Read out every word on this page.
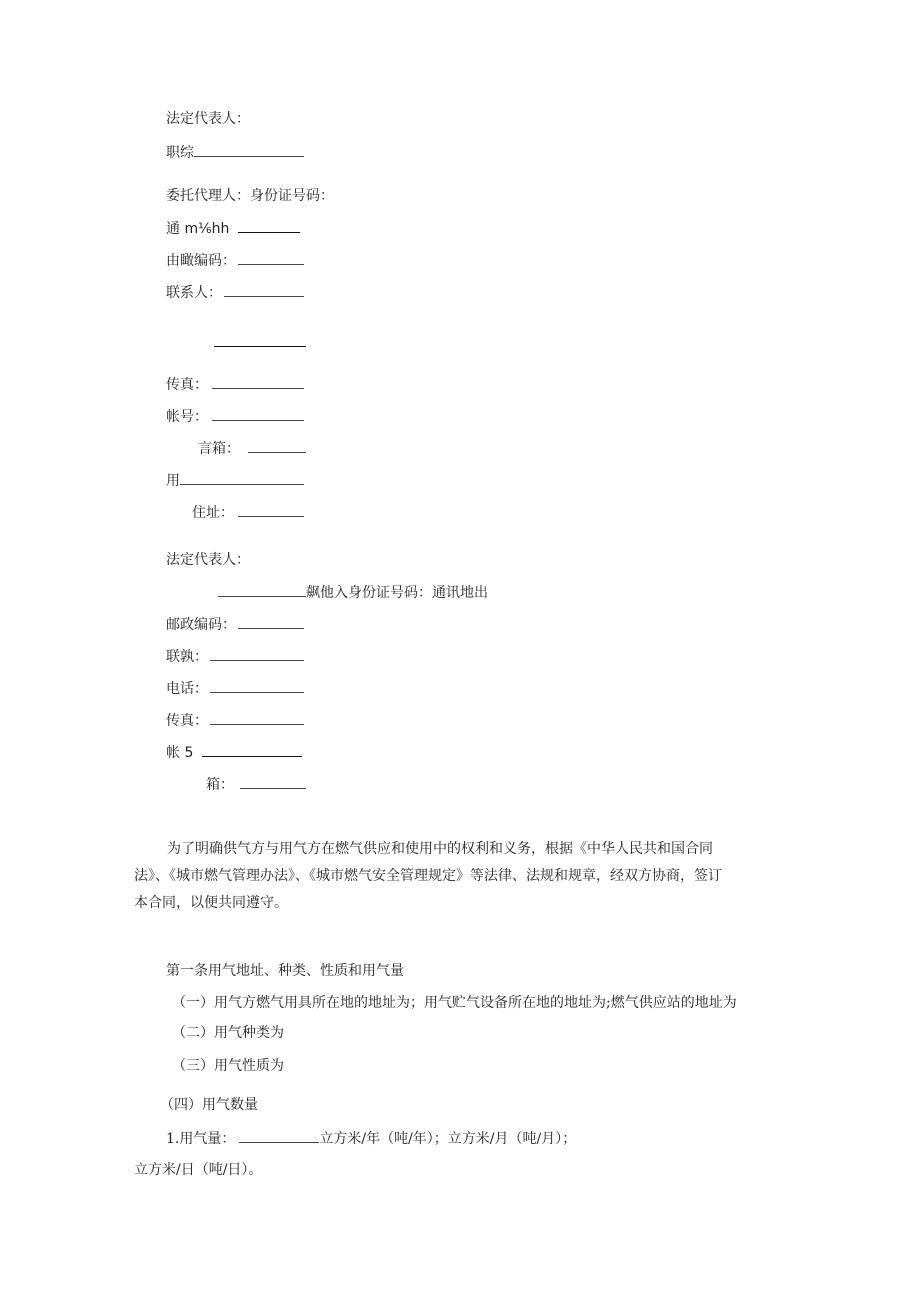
法定代表人：
职综
委托代理人：身份证号码：
通 m⅙hh
由瞰编码：
联系人：
传真：
帐号：
言箱：
用
住址：
法定代表人：
飙他入身份证号码：通讯地出
邮政编码：
联孰：
电话：
传真：
帐 5
箱：
为了明确供气方与用气方在燃气供应和使用中的权利和义务，根据《中华人民共和国合同
法》、《城市燃气管理办法》、《城市燃气安全管理规定》等法律、法规和规章，经双方协商，签订
本合同，以便共同遵守。
第一条用气地址、种类、性质和用气量
（一）用气方燃气用具所在地的地址为；用气贮气设备所在地的地址为;燃气供应站的地址为
（二）用气种类为
（三）用气性质为
（四）用气数量
1.用气量：	立方米/年（吨/年）；立方米/月（吨/月）；
立方米/日（吨/日）。
